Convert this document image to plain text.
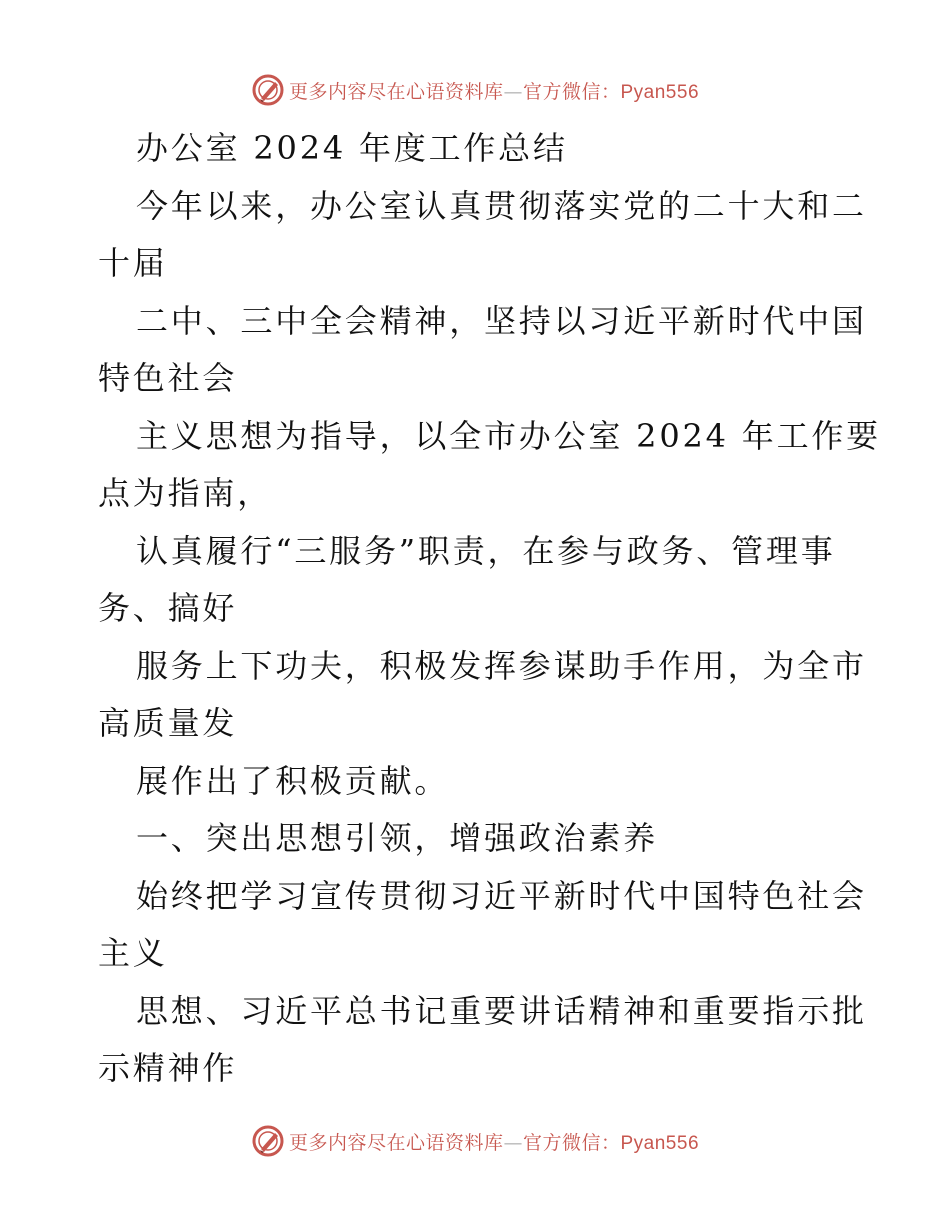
更多内容尽在心语资料库—官方微信：Pyan556
办公室 2024 年度工作总结
今年以来，办公室认真贯彻落实党的二十大和二
十届
二中、三中全会精神，坚持以习近平新时代中国
特色社会
主义思想为指导，以全市办公室 2024 年工作要
点为指南，
认真履行“三服务”职责，在参与政务、管理事
务、搞好
服务上下功夫，积极发挥参谋助手作用，为全市
高质量发
展作出了积极贡献。
一、突出思想引领，增强政治素养
始终把学习宣传贯彻习近平新时代中国特色社会
主义
思想、习近平总书记重要讲话精神和重要指示批
示精神作
更多内容尽在心语资料库—官方微信：Pyan556
